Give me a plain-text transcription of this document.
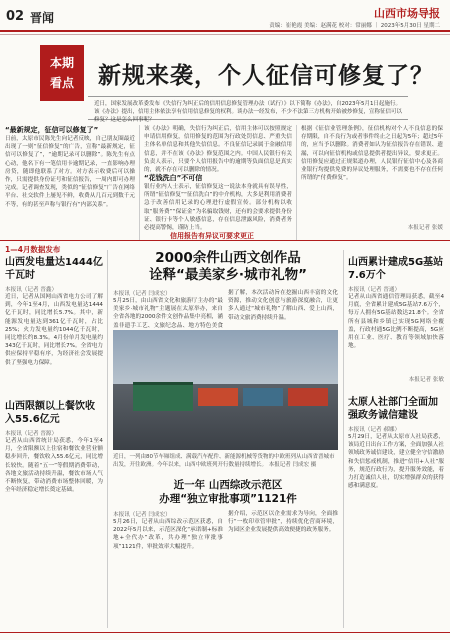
02 晋闻	山西市场导报
责编：崔艳霞 美编：赵满花 校对：常丽娜 ｜ 2023年5月30日 星期二
本期
看点	新规来袭，个人征信可修复了？
近日，国家发展改革委发布《失信行为纠正后的信用信息修复管理办法（试行）》以下简称《办法》，自2023年5月1日起施行。该《办法》提出，信用主体依法享有信用信息修复的权利。谈办法一经发布，不少不法第三方机构开始被炒修复，宣称征信可以修复？这是怎么回事呢？
“最新规定，征信可以修复了”
日前，太原市民陈先生向记者反映，自己朋友圈最近出现了一则“征信修复”的广告，宣称“最新规定，征信可以修复了”，“逾期记录可以删除”。陈先生有点心动，他名下有一笔信用卡逾期记录，一直影响办理房贷，随即他联系了对方。对方表示收费后可以操作，只需提供身份证号和征信报告，一周内即可办理完成。记者调查发现，类似的“征信修复”广告在网络平台、社交软件上屡见不鲜，收费从几百元到数千元不等，有的甚至声称与银行有“内部关系”。
该《办法》明确，失信行为纠正后，信用主体可以按照规定申请信用修复，信用修复的范围为行政处罚信息、严重失信主体名单信息和其他失信信息。不良征信记录属于金融信用信息，并不在该《办法》修复范围之内。中国人民银行有关负责人表示，只要个人信用报告中的逾期等负面信息是真实的，就不存在可以删除的情况。
“花钱洗白”不可信
银行业内人士表示，征信修复这一说法本身就具有误导性，所谓“征信修复”“征信洗白”的中介机构，大多是利用消费者急于改善信用记录的心理进行虚假宣传。部分机构以收取“服务费”“保证金”为名骗取钱财，还有的会要求提供身份证、银行卡等个人敏感信息，存在信息泄露风险，消费者务必提高警惕，谨防上当。
根据《征信业管理条例》，征信机构对个人不良信息的保存期限，自不良行为或者事件终止之日起为5年；超过5年的，应当予以删除。消费者如认为征信报告存在错误、遗漏，可以向征信机构或信息提供者提出异议，要求更正。信用修复应通过正规渠道办理，人民银行征信中心及各商业银行均提供免费的异议处理服务，不需要也不存在任何所谓的“付费修复”。
本报记者 张媛
信用报告有异议可要求更正
1—4月数据发布
山西发电量达1444亿千瓦时
本报讯（记者 晋鑫）
近日，记者从国网山西省电力公司了解到，今年1至4月，山西发电量达1444亿千瓦时，同比增长5.7%。其中，新能源发电量达到361亿千瓦时，占比25%；火力发电量约1044亿千瓦时，同比增长约8.3%。4月份单月发电量约343亿千瓦时，同比增长7%。全省电力供应保持平稳有序，为经济社会发展提供了坚强电力保障。
山西限额以上餐饮收入55.6亿元
本报讯（记者 晋源）
记者从山西省统计局获悉，今年1至4月，全省限额以上住宿和餐饮业营业额稳步回升，餐饮收入55.6亿元，同比增长较快。随着“五一”等假期消费带动，各地文旅活动持续升温，餐饮市场人气不断恢复，带动消费市场整体回暖，为全年经济稳定增长奠定基础。
2000余件山西文创作品
诠释“最美家乡·城市礼物”
本报讯（记者 闫成宏）
5月25日，由山西省文化和旅游厅主办的“最美家乡·城市礼物”主题展在太原举办，来自全省各地的2000余件文创作品集中亮相，涵盖非遗手工艺、文旅纪念品、地方特色美食
据了解，本次活动旨在挖掘山西丰富的文化资源，推动文化创意与旅游深度融合，让更多人通过“城市礼物”了解山西、爱上山西，带动文旅消费持续升温。
近日，一列由80节车厢组成、满载汽车配件、新能源机械等货物的中欧班列从山西省晋城市出发，开往欧洲。今年以来，山西中欧班列开行数量持续增长。 本报记者 闫成宏 摄
近一年 山西综改示范区
办理“独立审批事项”1121件
本报讯（记者 闫成宏）
5月26日，记者从山西综改示范区获悉，自2022年5月以来，示范区深化“承诺制+标准地+全代办”改革，共办理“独立审批事项”1121件，审批效率大幅提升。
据介绍，示范区以企业需求为导向，全面推行“一枚印章管审批”，持续优化营商环境，为园区企业发展提供高效便捷的政务服务。
山西累计建成5G基站7.6万个
本报讯（记者 晋通）
记者从山西省通信管理局获悉，截至4月底，全省累计建成5G基站7.6万个，每万人拥有5G基站数达21.8个。全省所有县城和乡镇已实现5G网络全覆盖，行政村通5G比例不断提高，5G应用在工业、医疗、教育等领域加快落地。
本报记者 张敏
太原人社部门全面加强政务诚信建设
本报讯（记者 郝娜）
5月29日，记者从太原市人社局获悉，该局近日出台工作方案，全面加强人社领域政务诚信建设，建立健全守信激励和失信惩戒机制，推进“信用+人社”服务，规范行政行为，提升服务效能，着力打造诚信人社，切实增强群众的获得感和满意度。
